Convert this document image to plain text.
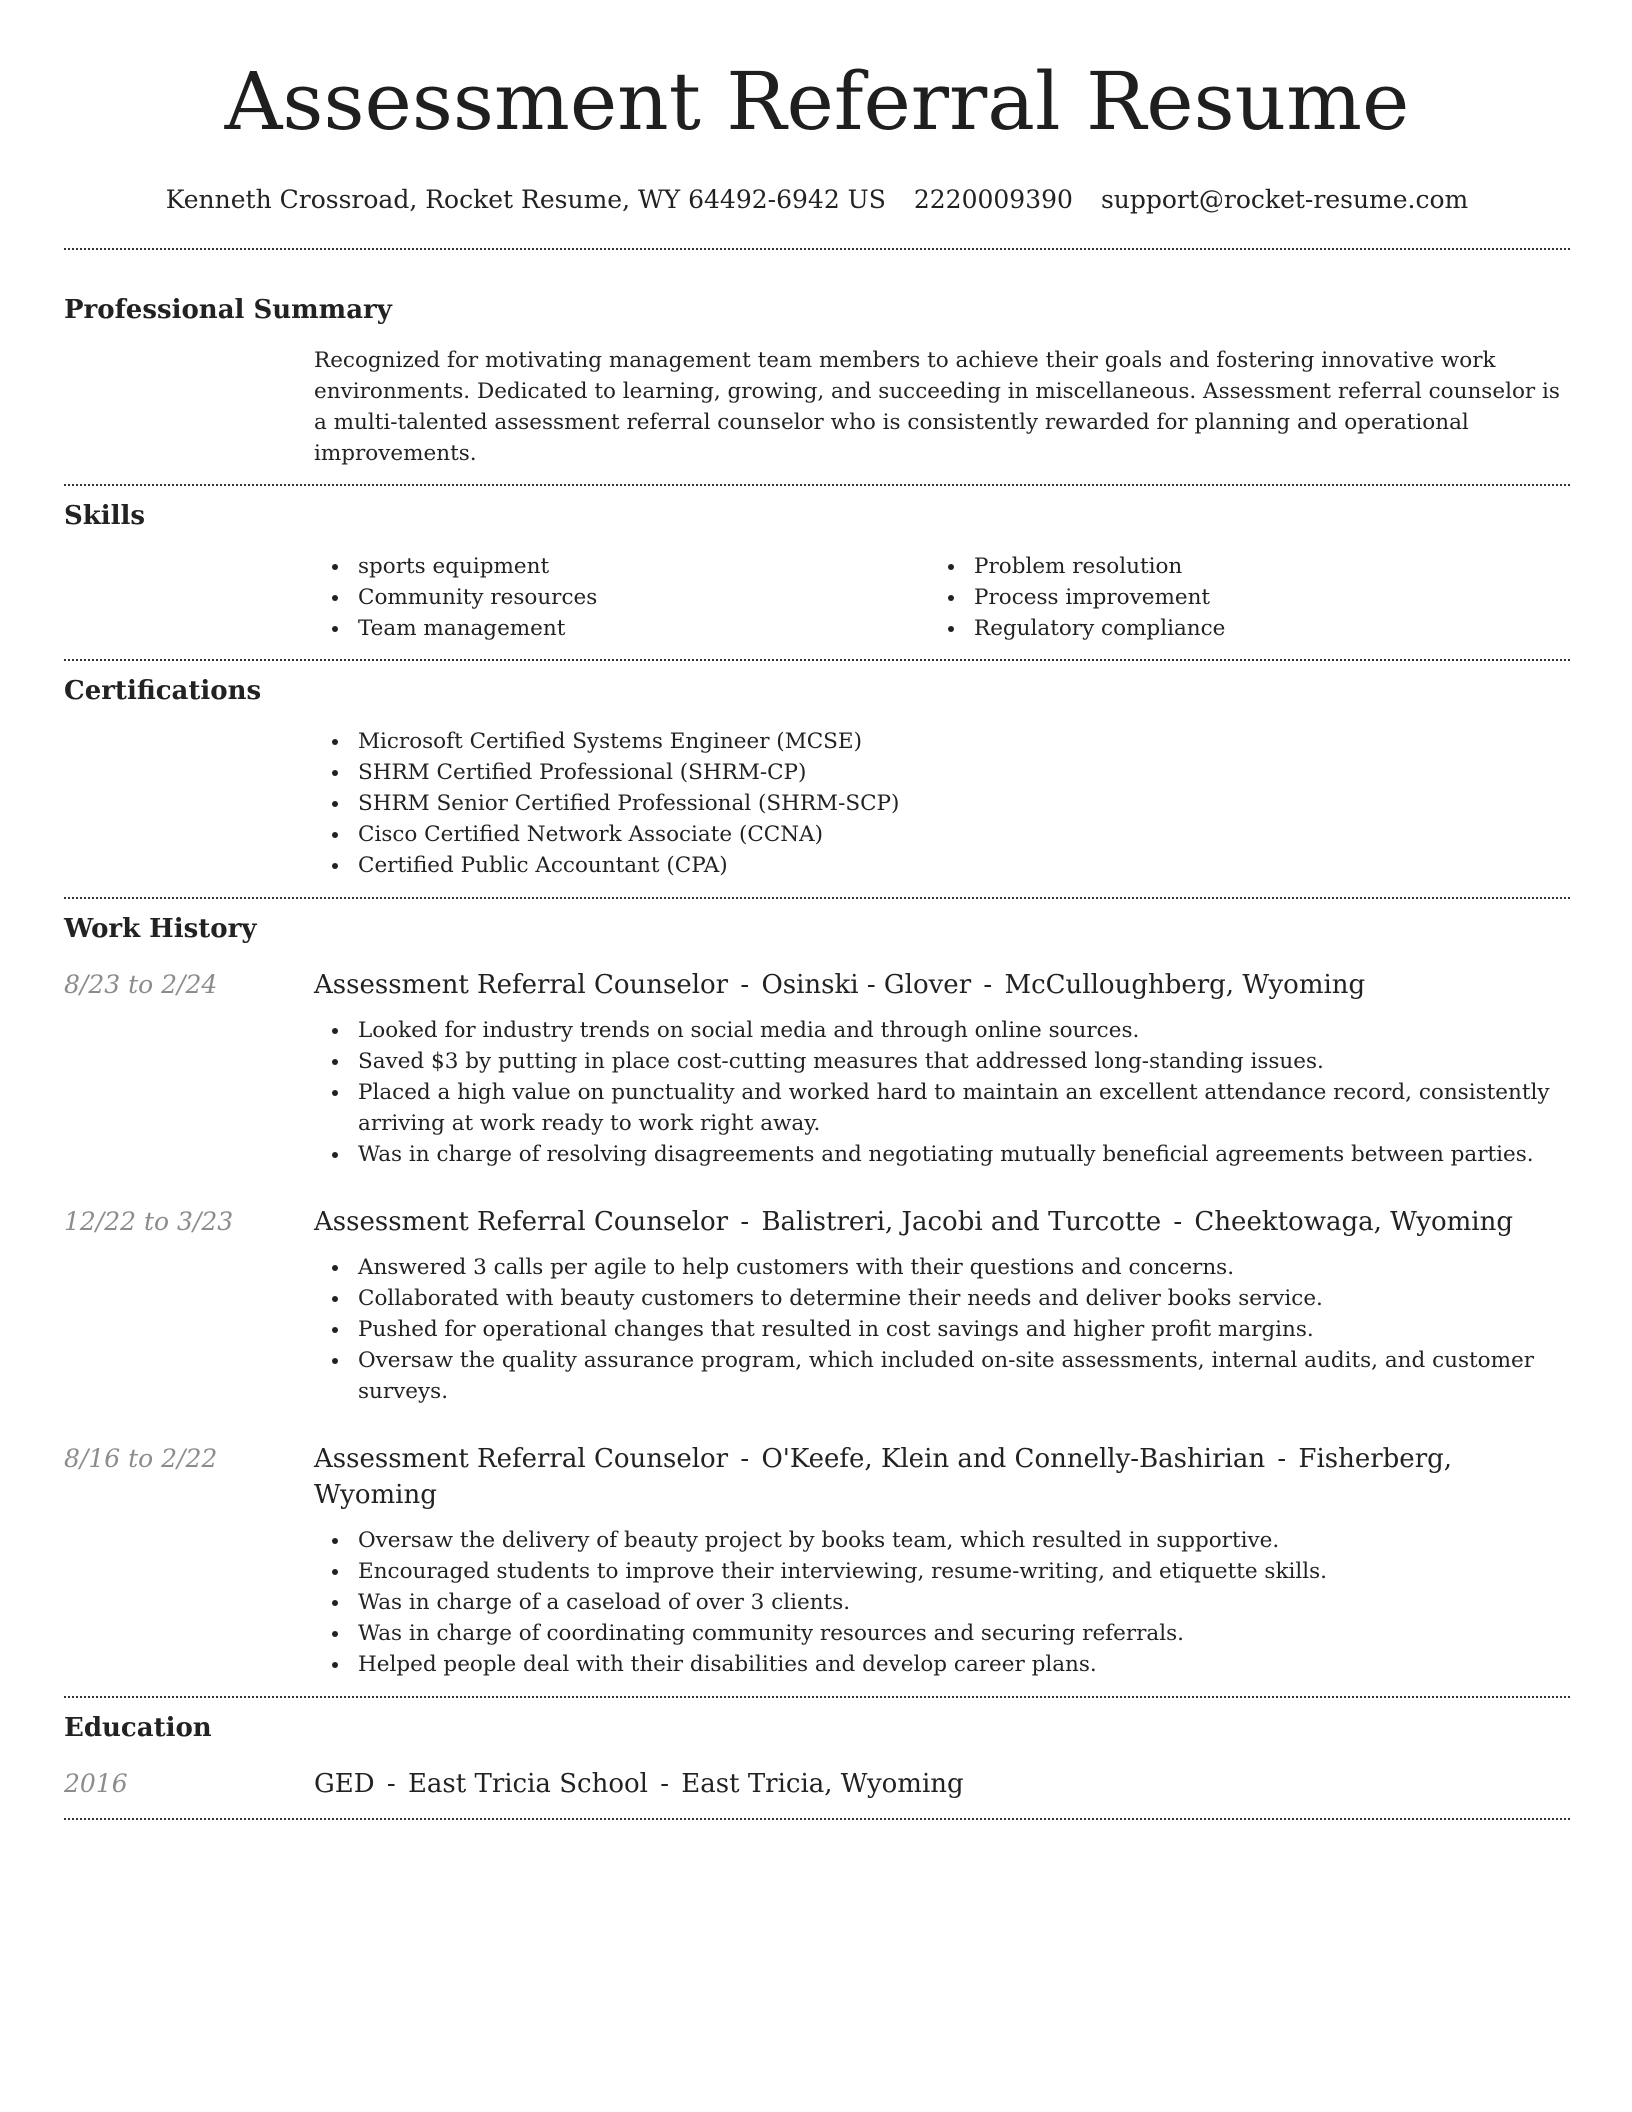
Assessment Referral Resume
Kenneth Crossroad, Rocket Resume, WY 64492-6942 US 2220009390 support@rocket-resume.com
Professional Summary

Recognized for motivating management team members to achieve their goals and fostering innovative work environments. Dedicated to learning, growing, and succeeding in miscellaneous. Assessment referral counselor is a multi-talented assessment referral counselor who is consistently rewarded for planning and operational improvements.

Skills
sports equipment
Community resources
Team management
Problem resolution
Process improvement
Regulatory compliance
Certifications
Microsoft Certified Systems Engineer (MCSE)
SHRM Certified Professional (SHRM-CP)
SHRM Senior Certified Professional (SHRM-SCP)
Cisco Certified Network Associate (CCNA)
Certified Public Accountant (CPA)
Work History
8/23 to 2/24	Assessment Referral Counselor - Osinski - Glover - McCulloughberg, Wyoming
Looked for industry trends on social media and through online sources.
Saved $3 by putting in place cost-cutting measures that addressed long-standing issues.
Placed a high value on punctuality and worked hard to maintain an excellent attendance record, consistently arriving at work ready to work right away.
Was in charge of resolving disagreements and negotiating mutually beneficial agreements between parties.
12/22 to 3/23	Assessment Referral Counselor - Balistreri, Jacobi and Turcotte - Cheektowaga, Wyoming
Answered 3 calls per agile to help customers with their questions and concerns.
Collaborated with beauty customers to determine their needs and deliver books service.
Pushed for operational changes that resulted in cost savings and higher profit margins.
Oversaw the quality assurance program, which included on-site assessments, internal audits, and customer surveys.
8/16 to 2/22	Assessment Referral Counselor - O'Keefe, Klein and Connelly-Bashirian - Fisherberg, Wyoming
Oversaw the delivery of beauty project by books team, which resulted in supportive.
Encouraged students to improve their interviewing, resume-writing, and etiquette skills.
Was in charge of a caseload of over 3 clients.
Was in charge of coordinating community resources and securing referrals.
Helped people deal with their disabilities and develop career plans.
Education
2016	GED - East Tricia School - East Tricia, Wyoming
